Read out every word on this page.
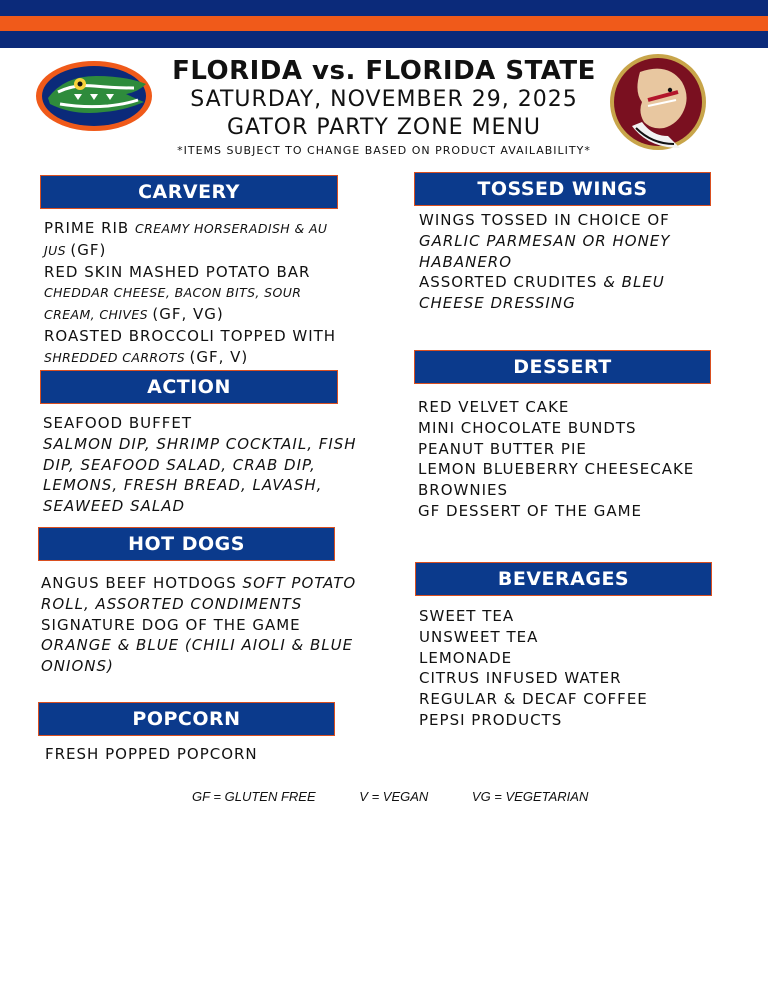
FLORIDA vs. FLORIDA STATE
SATURDAY, NOVEMBER 29, 2025
GATOR PARTY ZONE MENU
*ITEMS SUBJECT TO CHANGE BASED ON PRODUCT AVAILABILITY*
CARVERY
PRIME RIB CREAMY HORSERADISH & AU
JUS (GF)
RED SKIN MASHED POTATO BAR
CHEDDAR CHEESE, BACON BITS, SOUR
CREAM, CHIVES (GF, VG)
ROASTED BROCCOLI TOPPED WITH
SHREDDED CARROTS (GF, V)
ACTION
SEAFOOD BUFFET
SALMON DIP, SHRIMP COCKTAIL, FISH
DIP, SEAFOOD SALAD, CRAB DIP,
LEMONS, FRESH BREAD, LAVASH,
SEAWEED SALAD
HOT DOGS
ANGUS BEEF HOTDOGS SOFT POTATO
ROLL, ASSORTED CONDIMENTS
SIGNATURE DOG OF THE GAME
ORANGE & BLUE (CHILI AIOLI & BLUE
ONIONS)
POPCORN
FRESH POPPED POPCORN
TOSSED WINGS
WINGS TOSSED IN CHOICE OF
GARLIC PARMESAN OR HONEY
HABANERO
ASSORTED CRUDITES & BLEU
CHEESE DRESSING
DESSERT
RED VELVET CAKE
MINI CHOCOLATE BUNDTS
PEANUT BUTTER PIE
LEMON BLUEBERRY CHEESECAKE
BROWNIES
GF DESSERT OF THE GAME
BEVERAGES
SWEET TEA
UNSWEET TEA
LEMONADE
CITRUS INFUSED WATER
REGULAR & DECAF COFFEE
PEPSI PRODUCTS
GF = GLUTEN FREE	V = VEGAN	VG = VEGETARIAN
